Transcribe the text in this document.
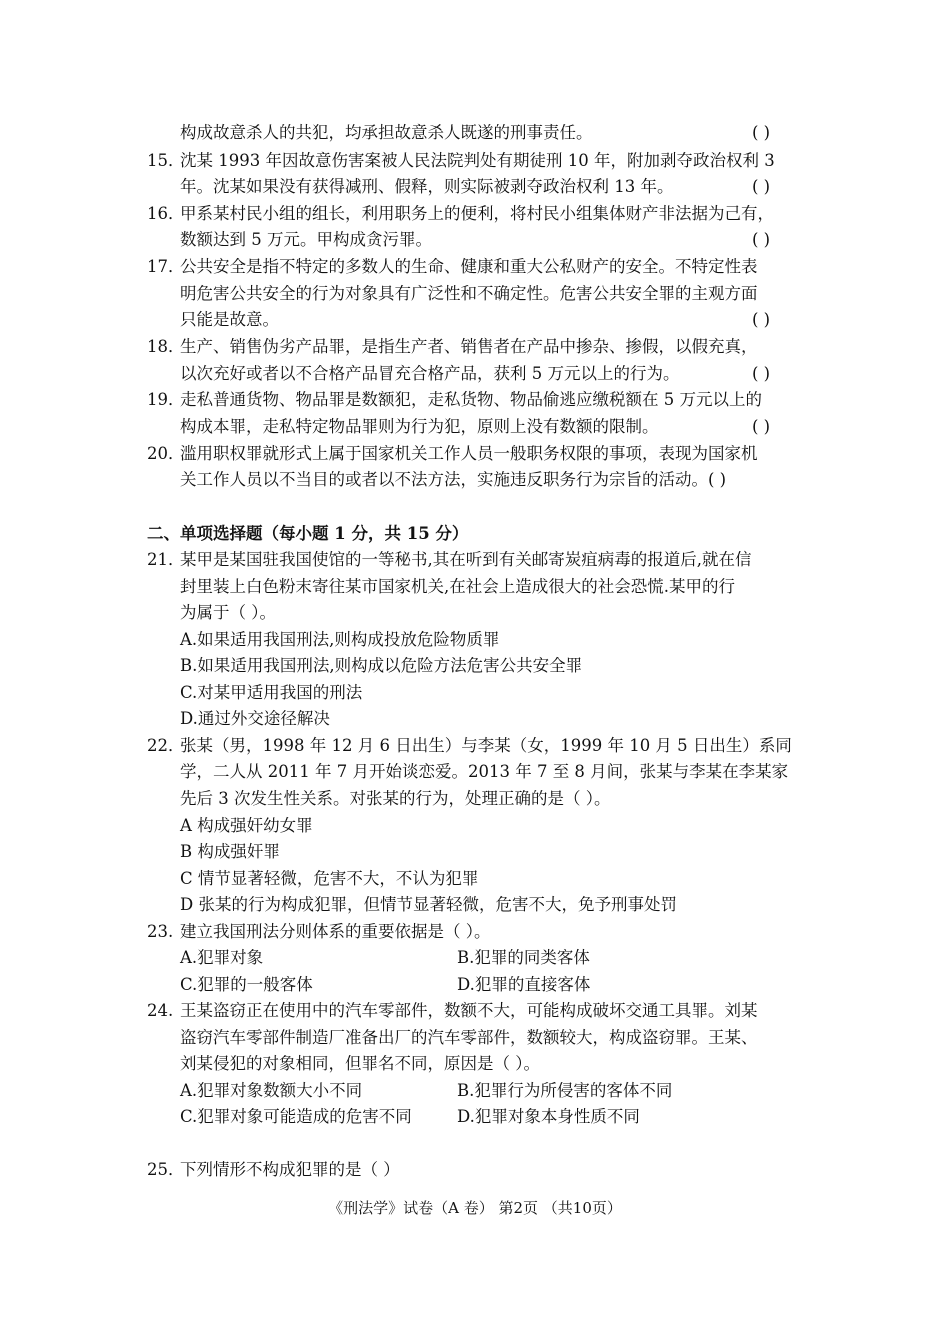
构成故意杀人的共犯，均承担故意杀人既遂的刑事责任。	( )
15．
沈某 1993 年因故意伤害案被人民法院判处有期徒刑 10 年，附加剥夺政治权利 3
年。沈某如果没有获得减刑、假释，则实际被剥夺政治权利 13 年。	( )
16．
甲系某村民小组的组长，利用职务上的便利，将村民小组集体财产非法据为己有，
数额达到 5 万元。甲构成贪污罪。	( )
17．
公共安全是指不特定的多数人的生命、健康和重大公私财产的安全。不特定性表
明危害公共安全的行为对象具有广泛性和不确定性。危害公共安全罪的主观方面
只能是故意。	( )
18．
生产、销售伪劣产品罪，是指生产者、销售者在产品中掺杂、掺假，以假充真，
以次充好或者以不合格产品冒充合格产品，获利 5 万元以上的行为。	( )
19．
走私普通货物、物品罪是数额犯，走私货物、物品偷逃应缴税额在 5 万元以上的
构成本罪，走私特定物品罪则为行为犯，原则上没有数额的限制。	( )
20．
滥用职权罪就形式上属于国家机关工作人员一般职务权限的事项，表现为国家机
关工作人员以不当目的或者以不法方法，实施违反职务行为宗旨的活动。( )
二、单项选择题（每小题 1 分，共 15 分）
21．
某甲是某国驻我国使馆的一等秘书,其在听到有关邮寄炭疽病毒的报道后,就在信
封里装上白色粉末寄往某市国家机关,在社会上造成很大的社会恐慌.某甲的行
为属于（ ）。
A.如果适用我国刑法,则构成投放危险物质罪
B.如果适用我国刑法,则构成以危险方法危害公共安全罪
C.对某甲适用我国的刑法
D.通过外交途径解决
22．
张某（男，1998 年 12 月 6 日出生）与李某（女，1999 年 10 月 5 日出生）系同
学，二人从 2011 年 7 月开始谈恋爱。2013 年 7 至 8 月间，张某与李某在李某家
先后 3 次发生性关系。对张某的行为，处理正确的是（ ）。
A 构成强奸幼女罪
B 构成强奸罪
C 情节显著轻微，危害不大，不认为犯罪
D 张某的行为构成犯罪，但情节显著轻微，危害不大，免予刑事处罚
23. 建立我国刑法分则体系的重要依据是（ ）。
A.犯罪对象	B.犯罪的同类客体
C.犯罪的一般客体	D.犯罪的直接客体
24. 王某盗窃正在使用中的汽车零部件，数额不大，可能构成破坏交通工具罪。刘某
盗窃汽车零部件制造厂准备出厂的汽车零部件，数额较大，构成盗窃罪。王某、
刘某侵犯的对象相同，但罪名不同，原因是（ ）。
A.犯罪对象数额大小不同	B.犯罪行为所侵害的客体不同
C.犯罪对象可能造成的危害不同	D.犯罪对象本身性质不同
25．
下列情形不构成犯罪的是（ ）
《刑法学》试卷（A 卷） 第2页 （共10页）
